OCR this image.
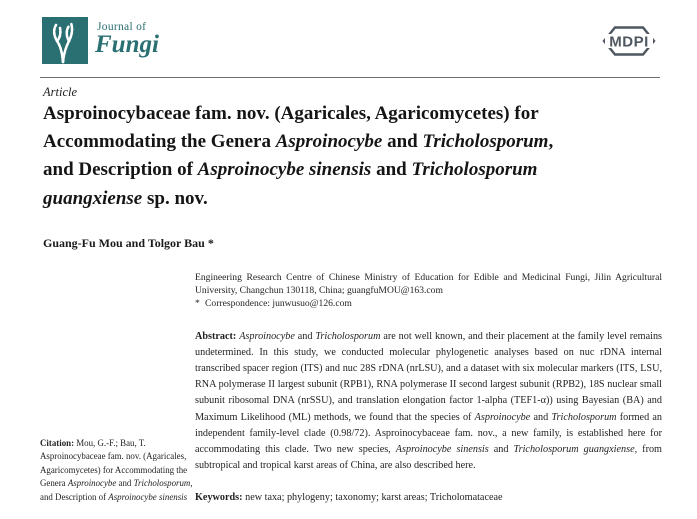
Journal of
Fungi	MDPI
Article
Asproinocybaceae fam. nov. (Agaricales, Agaricomycetes) for
Accommodating the Genera Asproinocybe and Tricholosporum,
and Description of Asproinocybe sinensis and Tricholosporum
guangxiense sp. nov.
Guang-Fu Mou and Tolgor Bau *
Engineering Research Centre of Chinese Ministry of Education for Edible and Medicinal Fungi, Jilin Agricultural University, Changchun 130118, China; guangfuMOU@163.com
* Correspondence: junwusuo@126.com
Abstract: Asproinocybe and Tricholosporum are not well known, and their placement at the family level remains undetermined. In this study, we conducted molecular phylogenetic analyses based on nuc rDNA internal transcribed spacer region (ITS) and nuc 28S rDNA (nrLSU), and a dataset with six molecular markers (ITS, LSU, RNA polymerase II largest subunit (RPB1), RNA polymerase II second largest subunit (RPB2), 18S nuclear small subunit ribosomal DNA (nrSSU), and translation elongation factor 1-alpha (TEF1-α)) using Bayesian (BA) and Maximum Likelihood (ML) methods, we found that the species of Asproinocybe and Tricholosporum formed an independent family-level clade (0.98/72). Asproinocybaceae fam. nov., a new family, is established here for accommodating this clade. Two new species, Asproinocybe sinensis and Tricholosporum guangxiense, from subtropical and tropical karst areas of China, are also described here.
Keywords: new taxa; phylogeny; taxonomy; karst areas; Tricholomataceae
Citation: Mou, G.-F.; Bau, T. Asproinocybaceae fam. nov. (Agaricales, Agaricomycetes) for Accommodating the Genera Asproinocybe and Tricholosporum, and Description of Asproinocybe sinensis
